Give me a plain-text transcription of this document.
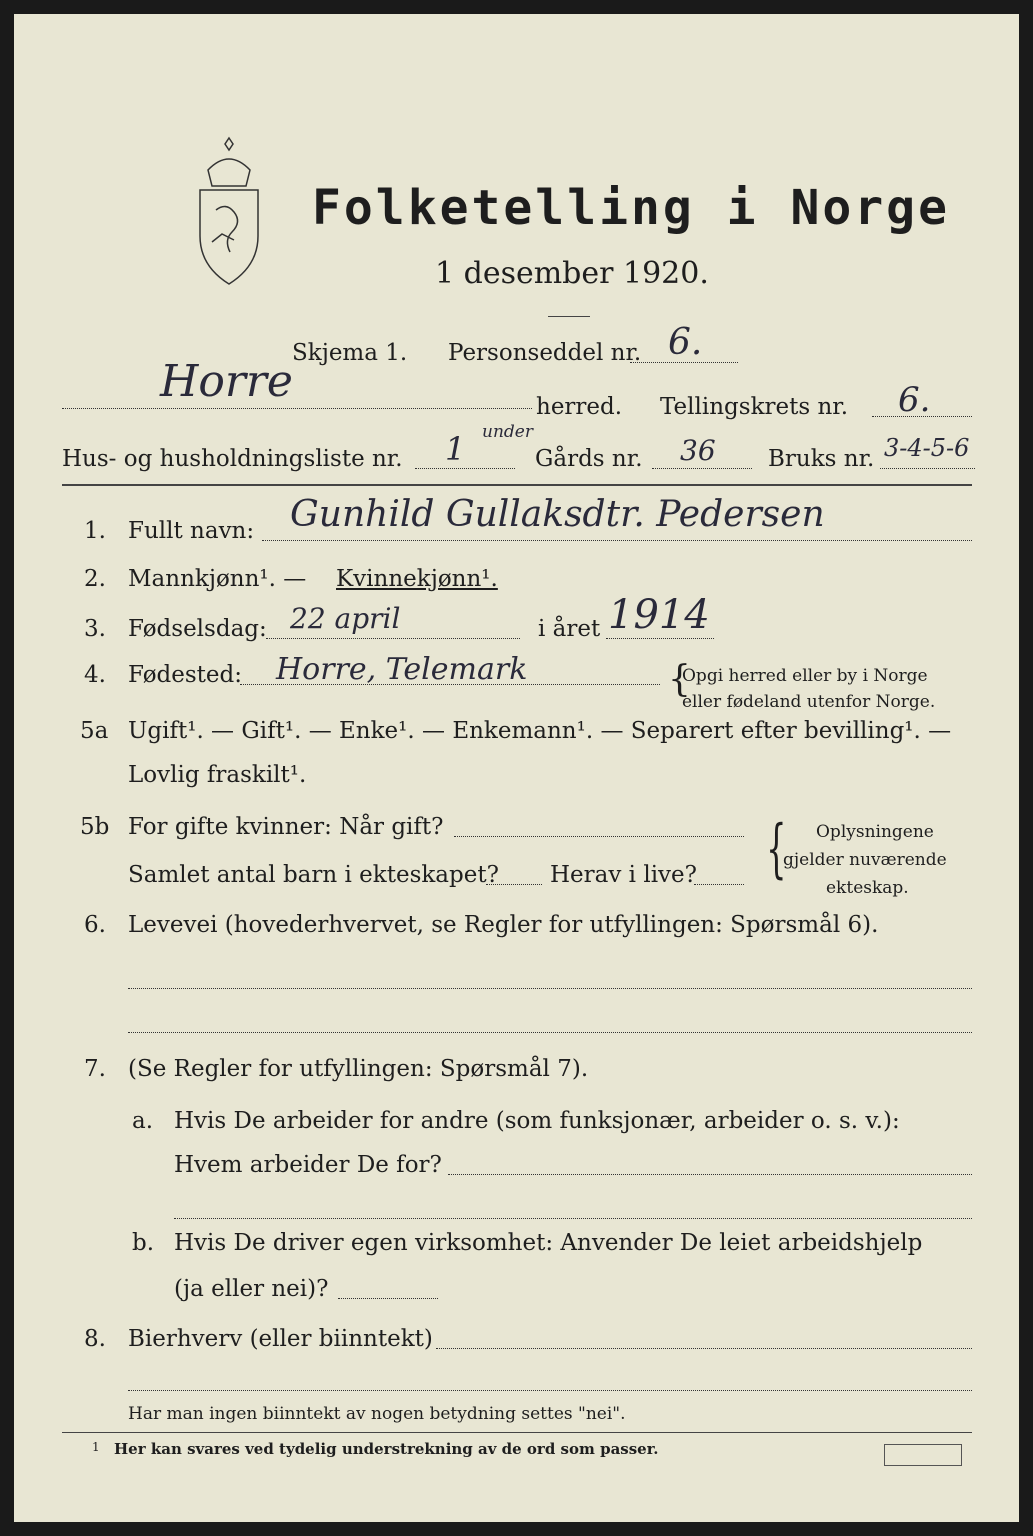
Folketelling i Norge
1 desember 1920.
Skjema 1. Personseddel nr. 6.
Horre	herred. Tellingskrets nr. 6.
Hus- og husholdningsliste nr. 1 under
Gårds nr. 36 Bruks nr. 3-4-5-6
1. Fullt navn: Gunhild Gullaksdtr. Pedersen
2. Mannkjønn¹. — Kvinnekjønn¹.
3. Fødselsdag: 22 april	i året 1914
4. Fødested: Horre, Telemark	{
Opgi herred eller by i Norge
eller fødeland utenfor Norge.
5a Ugift¹. — Gift¹. — Enke¹. — Enkemann¹. — Separert efter bevilling¹. —
Lovlig fraskilt¹.
5b For gifte kvinner: Når gift?
Samlet antal barn i ekteskapet? Herav i live? { Oplysningene
gjelder nuværende
ekteskap.
6. Levevei (hovederhvervet, se Regler for utfyllingen: Spørsmål 6).
7. (Se Regler for utfyllingen: Spørsmål 7).
a. Hvis De arbeider for andre (som funksjonær, arbeider o. s. v.):
Hvem arbeider De for?
b. Hvis De driver egen virksomhet: Anvender De leiet arbeidshjelp
(ja eller nei)?
8. Bierhverv (eller biinntekt)
Har man ingen biinntekt av nogen betydning settes "nei".
1 Her kan svares ved tydelig understrekning av de ord som passer.
